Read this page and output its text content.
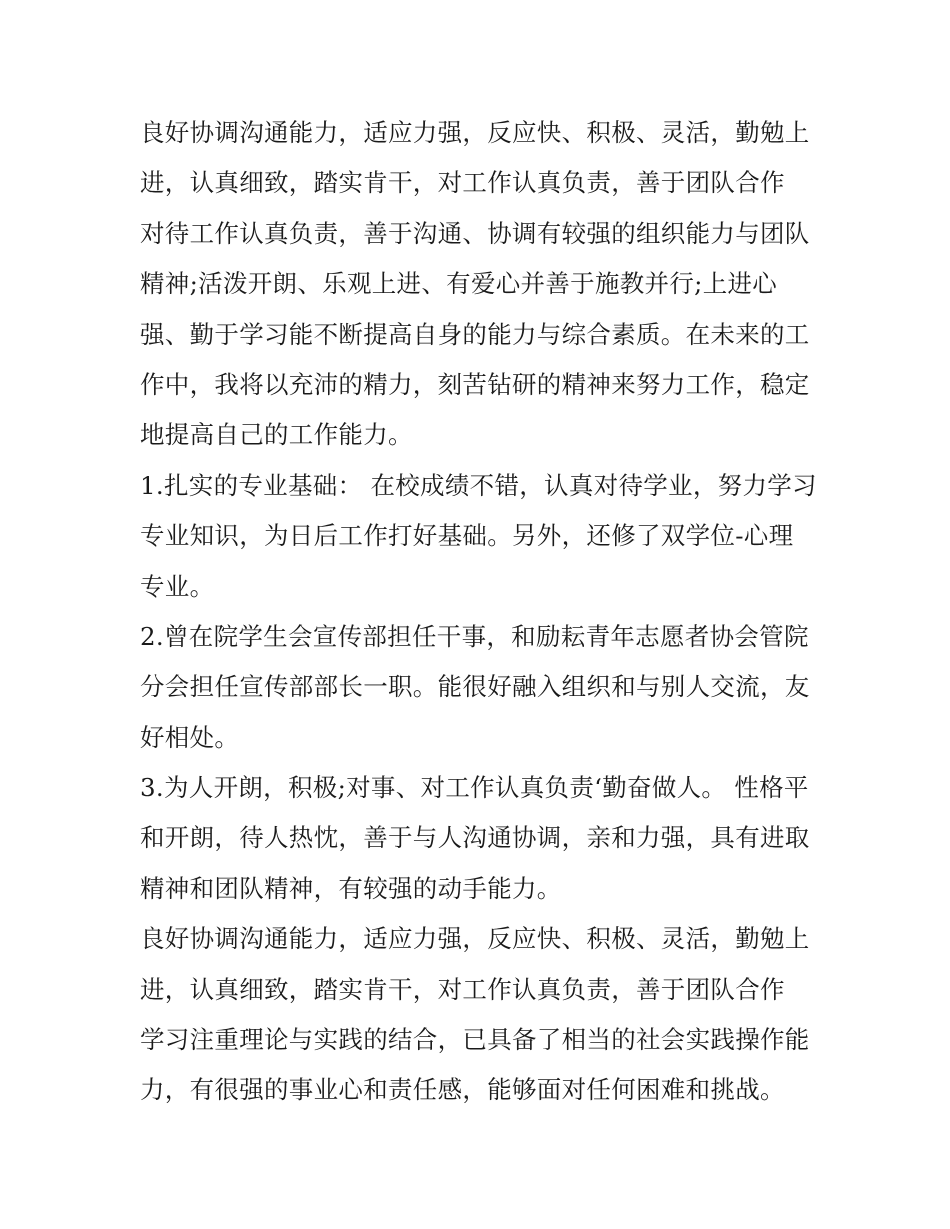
良好协调沟通能力，适应力强，反应快、积极、灵活，勤勉上
进，认真细致，踏实肯干，对工作认真负责，善于团队合作
对待工作认真负责，善于沟通、协调有较强的组织能力与团队
精神;活泼开朗、乐观上进、有爱心并善于施教并行;上进心
强、勤于学习能不断提高自身的能力与综合素质。在未来的工
作中，我将以充沛的精力，刻苦钻研的精神来努力工作，稳定
地提高自己的工作能力。
1.扎实的专业基础： 在校成绩不错，认真对待学业，努力学习
专业知识，为日后工作打好基础。另外，还修了双学位-心理
专业。
2.曾在院学生会宣传部担任干事，和励耘青年志愿者协会管院
分会担任宣传部部长一职。能很好融入组织和与别人交流，友
好相处。
3.为人开朗，积极;对事、对工作认真负责‘勤奋做人。 性格平
和开朗，待人热忱，善于与人沟通协调，亲和力强，具有进取
精神和团队精神，有较强的动手能力。
良好协调沟通能力，适应力强，反应快、积极、灵活，勤勉上
进，认真细致，踏实肯干，对工作认真负责，善于团队合作
学习注重理论与实践的结合，已具备了相当的社会实践操作能
力，有很强的事业心和责任感，能够面对任何困难和挑战。
